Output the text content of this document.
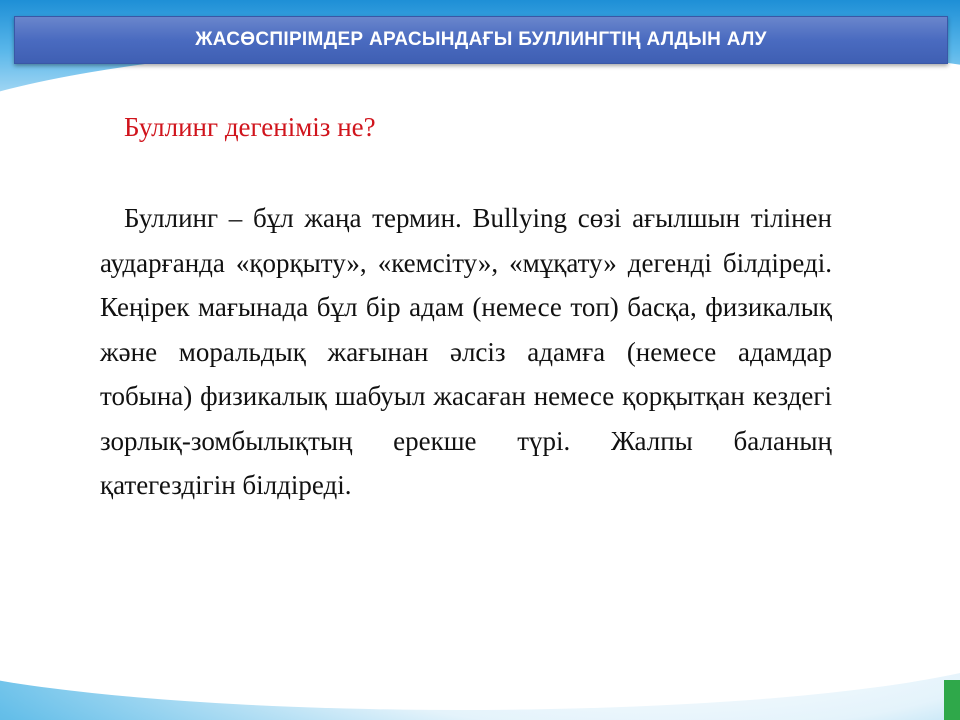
ЖАСӨСПІРІМДЕР АРАСЫНДАҒЫ БУЛЛИНГТІҢ АЛДЫН АЛУ
Буллинг дегеніміз не?
Буллинг – бұл жаңа термин. Bullying сөзі ағылшын тілінен аударғанда «қорқыту», «кемсіту», «мұқату» дегенді білдіреді. Кеңірек мағынада бұл бір адам (немесе топ) басқа, физикалық және моральдық жағынан әлсіз адамға (немесе адамдар тобына) физикалық шабуыл жасаған немесе қорқытқан кездегі зорлық-зомбылықтың ерекше түрі. Жалпы баланың қатегездігін білдіреді.
